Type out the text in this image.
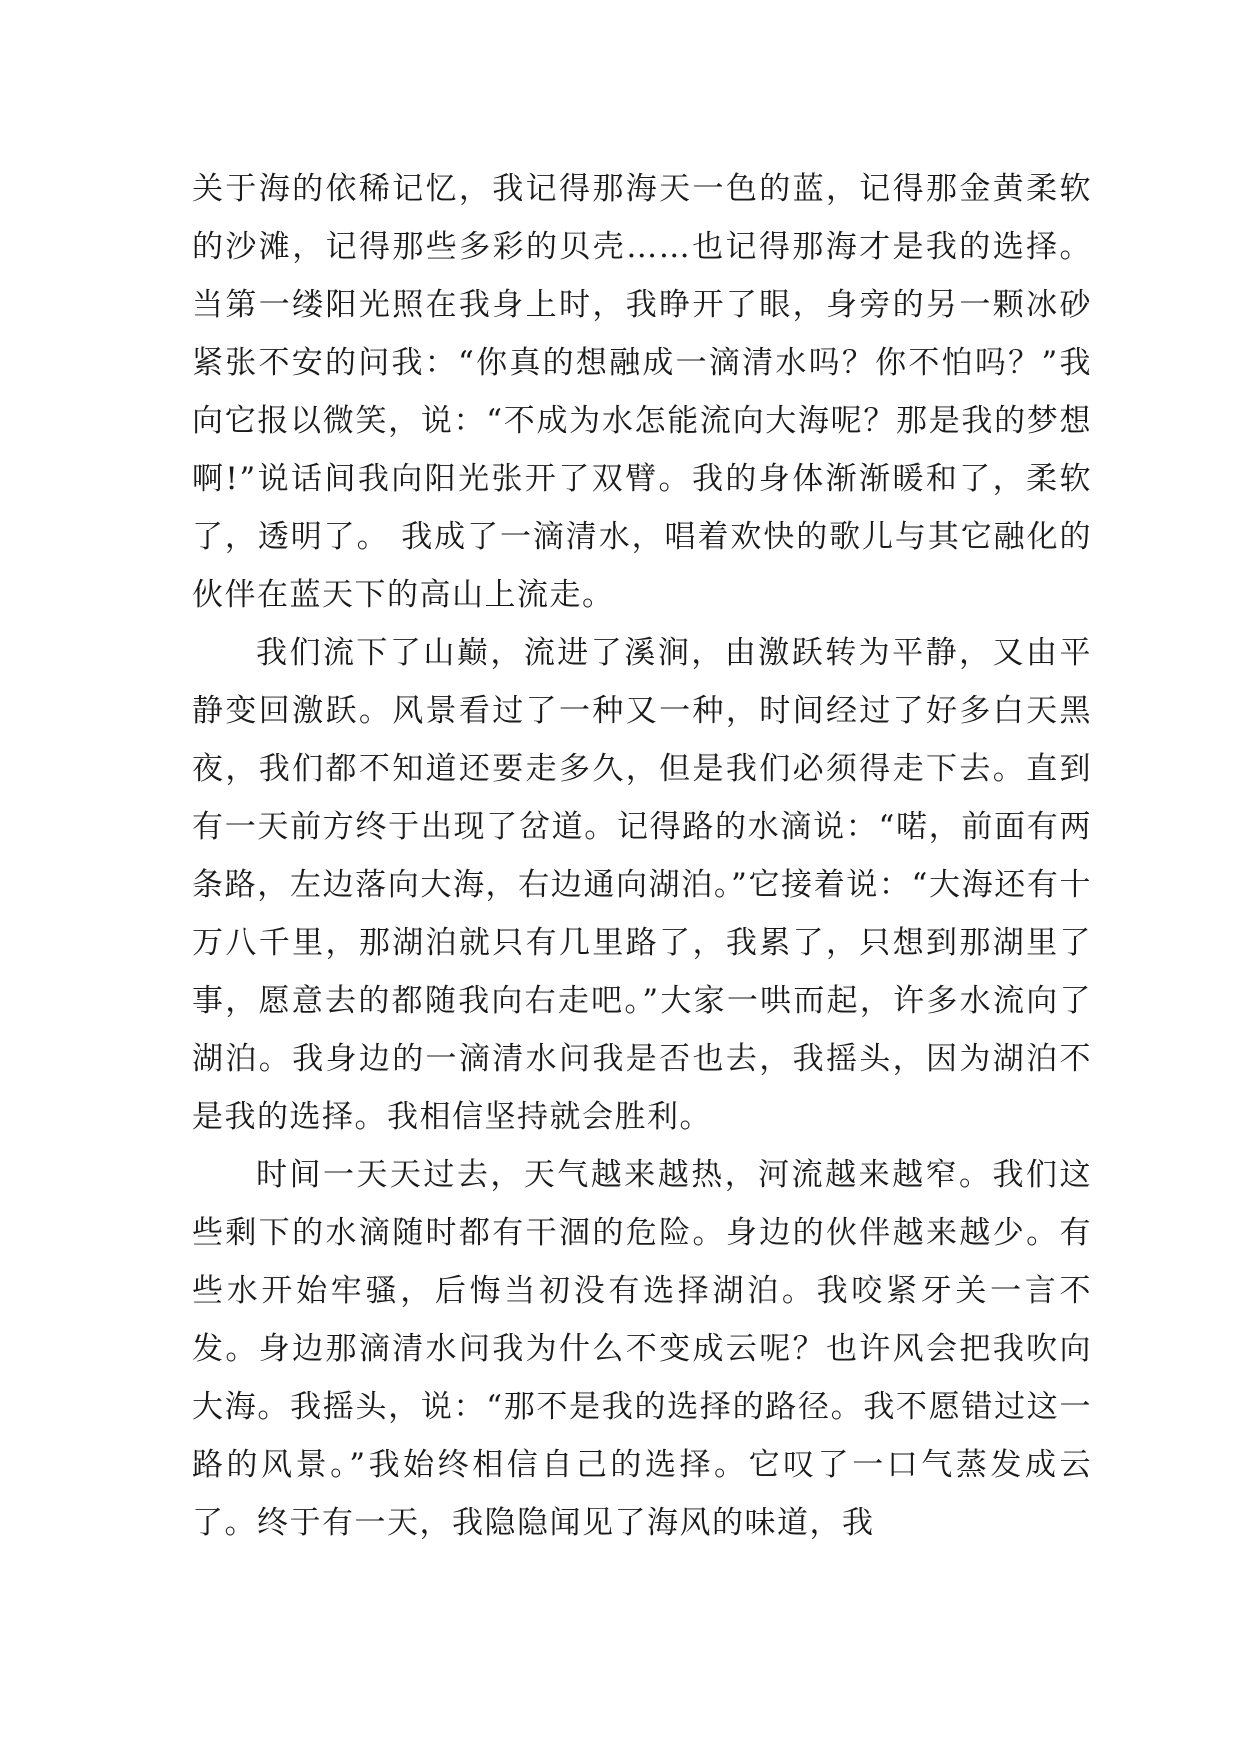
关于海的依稀记忆，我记得那海天一色的蓝，记得那金黄柔软的沙滩，记得那些多彩的贝壳……也记得那海才是我的选择。 当第一缕阳光照在我身上时，我睁开了眼，身旁的另一颗冰砂紧张不安的问我：“你真的想融成一滴清水吗？你不怕吗？”我向它报以微笑，说：“不成为水怎能流向大海呢？那是我的梦想啊!”说话间我向阳光张开了双臂。我的身体渐渐暖和了，柔软了，透明了。 我成了一滴清水，唱着欢快的歌儿与其它融化的伙伴在蓝天下的高山上流走。

我们流下了山巅，流进了溪涧，由激跃转为平静，又由平静变回激跃。风景看过了一种又一种，时间经过了好多白天黑夜，我们都不知道还要走多久，但是我们必须得走下去。直到有一天前方终于出现了岔道。记得路的水滴说：“喏，前面有两条路，左边落向大海，右边通向湖泊。”它接着说：“大海还有十万八千里，那湖泊就只有几里路了，我累了，只想到那湖里了事，愿意去的都随我向右走吧。”大家一哄而起，许多水流向了湖泊。我身边的一滴清水问我是否也去，我摇头，因为湖泊不是我的选择。我相信坚持就会胜利。

时间一天天过去，天气越来越热，河流越来越窄。我们这些剩下的水滴随时都有干涸的危险。身边的伙伴越来越少。有些水开始牢骚，后悔当初没有选择湖泊。我咬紧牙关一言不发。身边那滴清水问我为什么不变成云呢？也许风会把我吹向大海。我摇头，说：“那不是我的选择的路径。我不愿错过这一路的风景。”我始终相信自己的选择。它叹了一口气蒸发成云了。终于有一天，我隐隐闻见了海风的味道，我
